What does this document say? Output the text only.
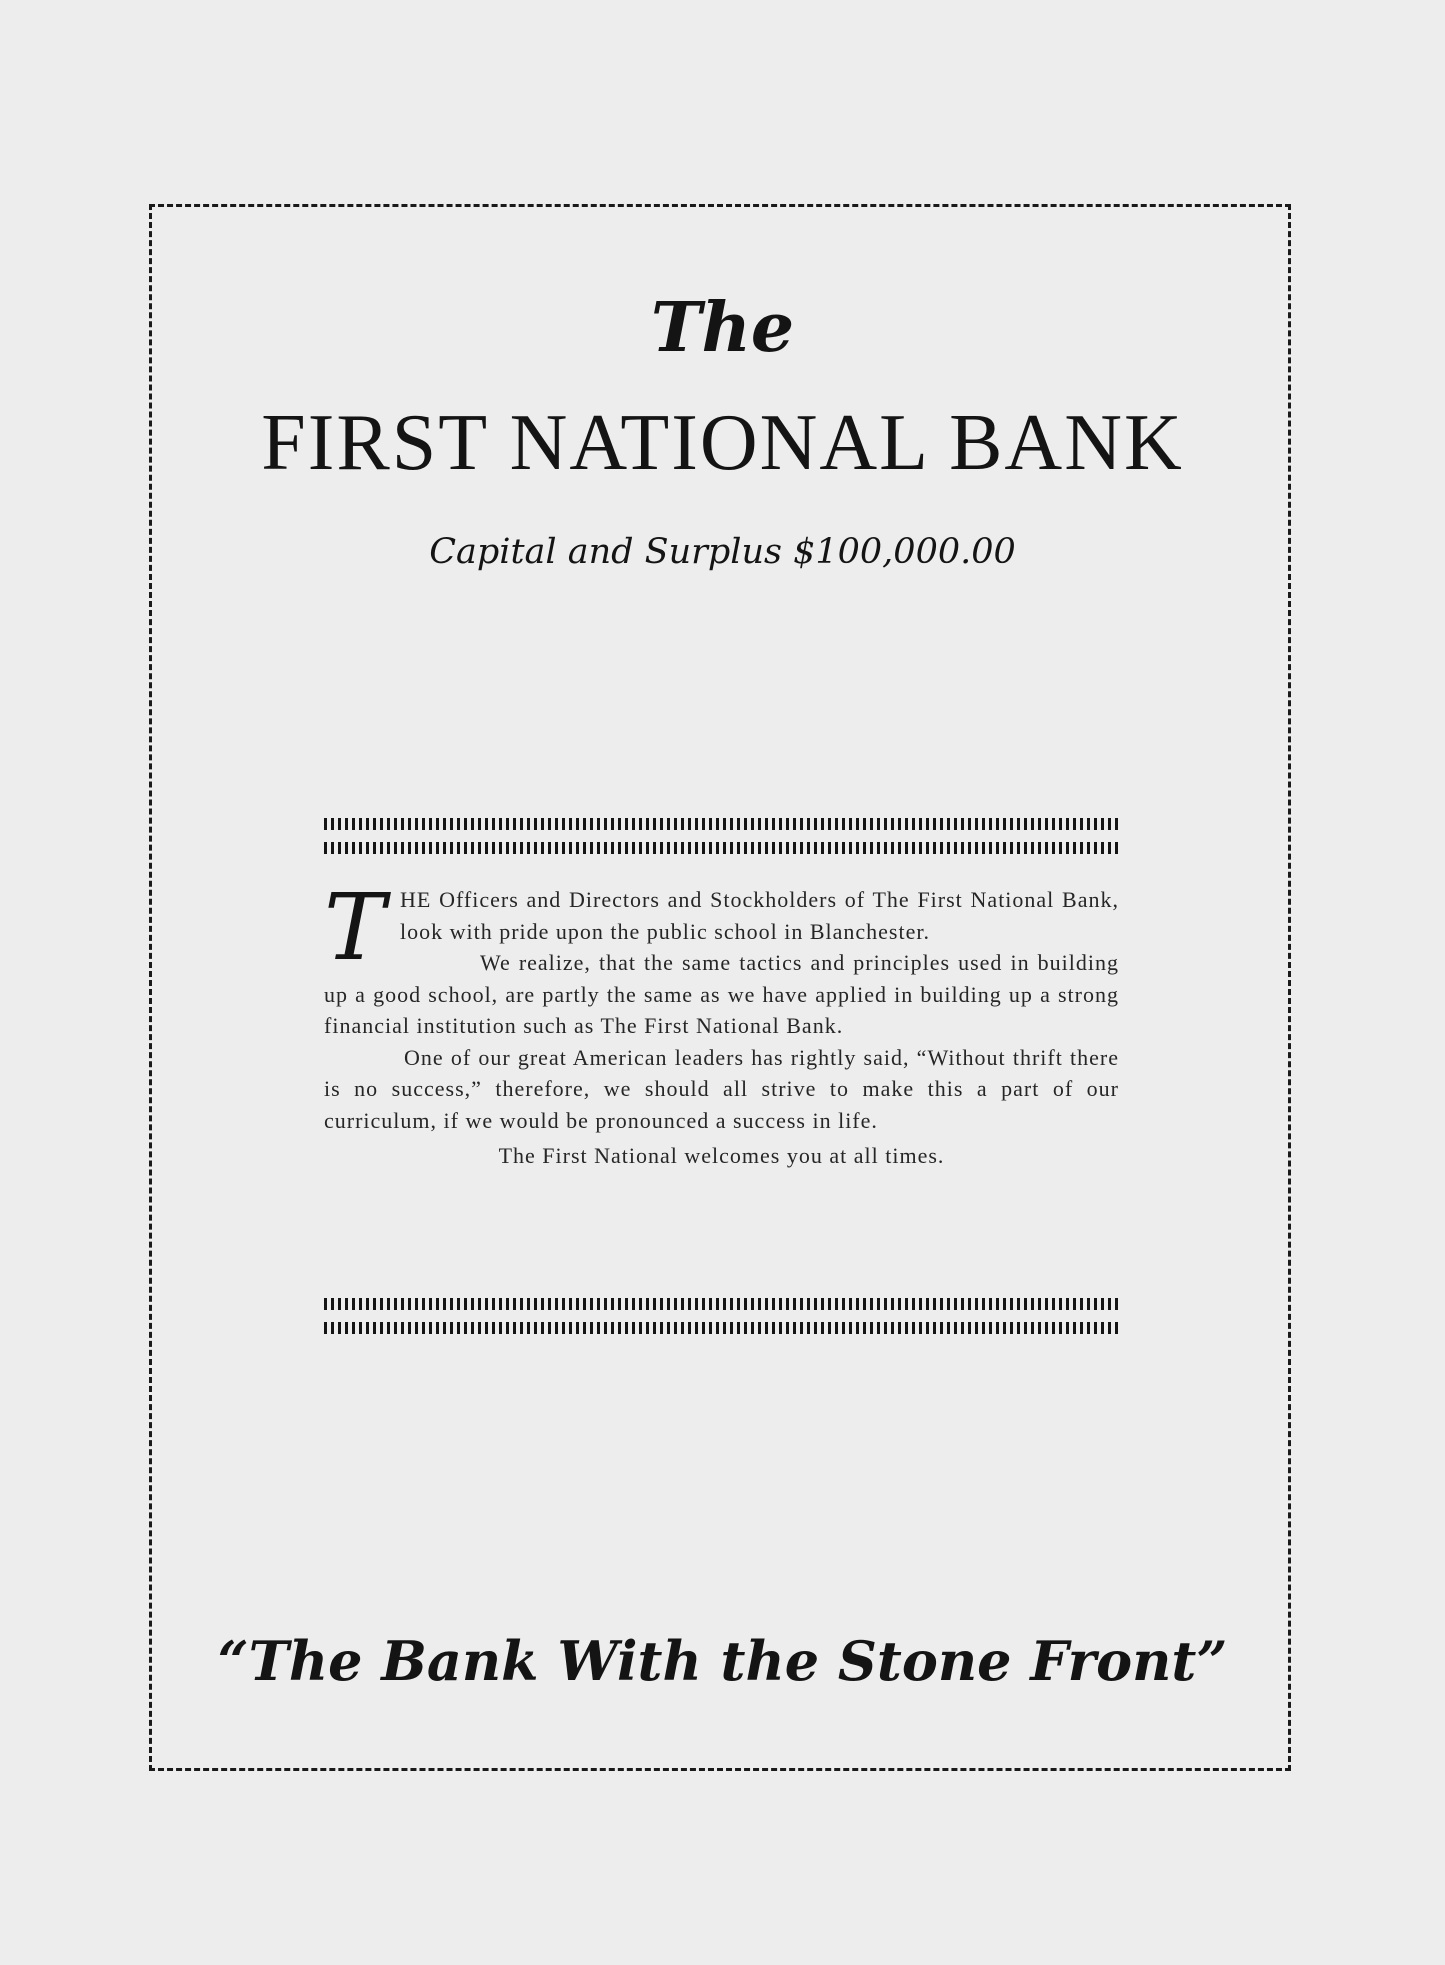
The
FIRST NATIONAL BANK
Capital and Surplus $100,000.00
T HE Officers and Directors and Stockholders of The First National Bank, look with pride upon the public school in Blanchester.

We realize, that the same tactics and principles used in building up a good school, are partly the same as we have applied in building up a strong financial institution such as The First National Bank.

One of our great American leaders has rightly said, “Without thrift there is no success,” therefore, we should all strive to make this a part of our curriculum, if we would be pronounced a success in life.

The First National welcomes you at all times.

“The Bank With the Stone Front”
